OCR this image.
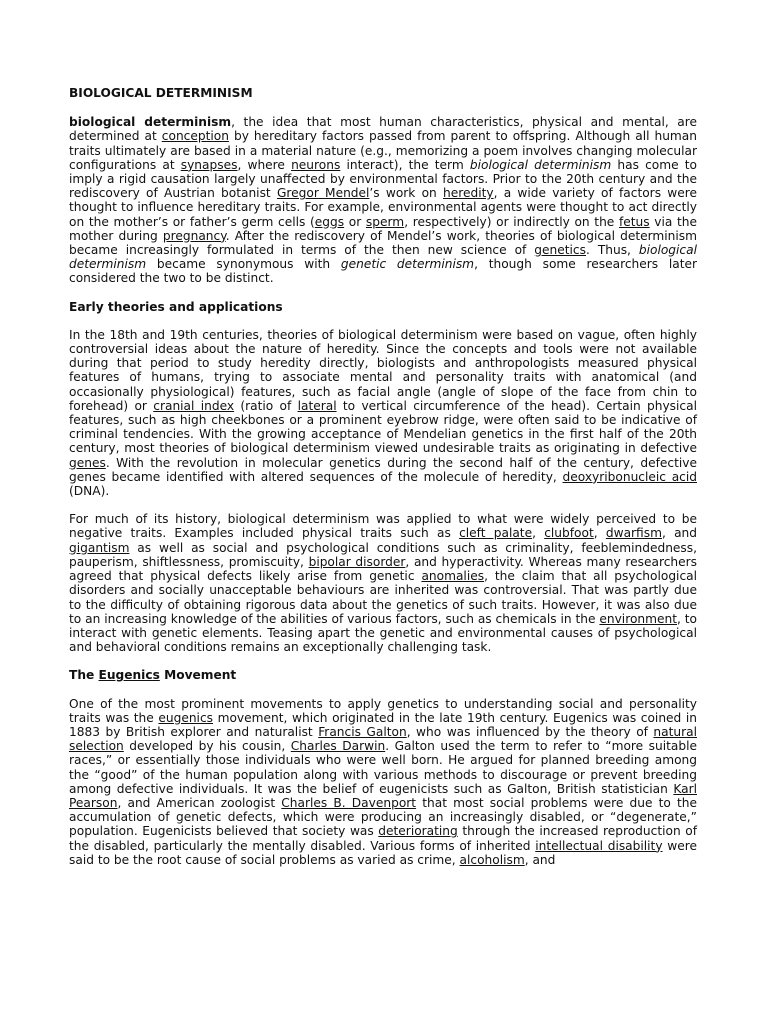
BIOLOGICAL DETERMINISM

biological determinism, the idea that most human characteristics, physical and mental, are determined at conception by hereditary factors passed from parent to offspring. Although all human traits ultimately are based in a material nature (e.g., memorizing a poem involves changing molecular configurations at synapses, where neurons interact), the term biological determinism has come to imply a rigid causation largely unaffected by environmental factors. Prior to the 20th century and the rediscovery of Austrian botanist Gregor Mendel’s work on heredity, a wide variety of factors were thought to influence hereditary traits. For example, environmental agents were thought to act directly on the mother’s or father’s germ cells (eggs or sperm, respectively) or indirectly on the fetus via the mother during pregnancy. After the rediscovery of Mendel’s work, theories of biological determinism became increasingly formulated in terms of the then new science of genetics. Thus, biological determinism became synonymous with genetic determinism, though some researchers later considered the two to be distinct.

Early theories and applications

In the 18th and 19th centuries, theories of biological determinism were based on vague, often highly controversial ideas about the nature of heredity. Since the concepts and tools were not available during that period to study heredity directly, biologists and anthropologists measured physical features of humans, trying to associate mental and personality traits with anatomical (and occasionally physiological) features, such as facial angle (angle of slope of the face from chin to forehead) or cranial index (ratio of lateral to vertical circumference of the head). Certain physical features, such as high cheekbones or a prominent eyebrow ridge, were often said to be indicative of criminal tendencies. With the growing acceptance of Mendelian genetics in the first half of the 20th century, most theories of biological determinism viewed undesirable traits as originating in defective genes. With the revolution in molecular genetics during the second half of the century, defective genes became identified with altered sequences of the molecule of heredity, deoxyribonucleic acid (DNA).

For much of its history, biological determinism was applied to what were widely perceived to be negative traits. Examples included physical traits such as cleft palate, clubfoot, dwarfism, and gigantism as well as social and psychological conditions such as criminality, feeblemindedness, pauperism, shiftlessness, promiscuity, bipolar disorder, and hyperactivity. Whereas many researchers agreed that physical defects likely arise from genetic anomalies, the claim that all psychological disorders and socially unacceptable behaviours are inherited was controversial. That was partly due to the difficulty of obtaining rigorous data about the genetics of such traits. However, it was also due to an increasing knowledge of the abilities of various factors, such as chemicals in the environment, to interact with genetic elements. Teasing apart the genetic and environmental causes of psychological and behavioral conditions remains an exceptionally challenging task.

The Eugenics Movement

One of the most prominent movements to apply genetics to understanding social and personality traits was the eugenics movement, which originated in the late 19th century. Eugenics was coined in 1883 by British explorer and naturalist Francis Galton, who was influenced by the theory of natural selection developed by his cousin, Charles Darwin. Galton used the term to refer to “more suitable races,” or essentially those individuals who were well born. He argued for planned breeding among the “good” of the human population along with various methods to discourage or prevent breeding among defective individuals. It was the belief of eugenicists such as Galton, British statistician Karl Pearson, and American zoologist Charles B. Davenport that most social problems were due to the accumulation of genetic defects, which were producing an increasingly disabled, or “degenerate,” population. Eugenicists believed that society was deteriorating through the increased reproduction of the disabled, particularly the mentally disabled. Various forms of inherited intellectual disability were said to be the root cause of social problems as varied as crime, alcoholism, and
